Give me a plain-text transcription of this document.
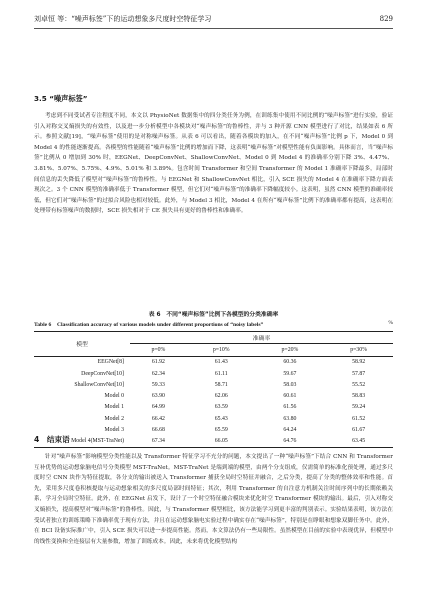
刘卓恒 等：“噪声标签”下的运动想象多尺度时空特征学习	829
3.5 “噪声标签”
考虑到不同受试者专注程度不同，本文以 PhysioNet 数据集中的四分类任务为例，在训练集中使用不同比例的“噪声标签”进行实验，验证引入对称交叉熵损失的有效性，以及进一步分析模型中各模块对“噪声标签”的鲁棒性，并与 3 种开源 CNN 模型进行了对比，结果如表 6 所示。参照文献[19]，“噪声标签”使用的是对称噪声标签。从表 6 可以看出，随着各模块的加入，在不同“噪声标签”比例 p 下，Model 0 到 Model 4 的性能逐渐提高。各模型的性能随着“噪声标签”比例的增加而下降，这表明“噪声标签”对模型性能有负面影响。具体而言，当“噪声标签”比例从 0 增加到 30% 时，EEGNet、DeepConvNet、ShallowConvNet、Model 0 到 Model 4 的准确率分别下降 3%、4.47%、3.81%、5.07%、5.75%、4.9%、5.01% 和 3.89%。包含时间 Transformer 和空间 Transformer 的 Model 1 准确率下降最多，局部时间信息的丢失降低了模型对“噪声标签”的鲁棒性。与 EEGNet 和 ShallowConvNet 相比，引入 SCE 损失的 Model 4 在准确率下降方面表现次之。3 个 CNN 模型的准确率低于 Transformer 模型，但它们对“噪声标签”的准确率下降幅度较小。这表明，虽然 CNN 模型的准确率较低，但它们对“噪声标签”的过拟合风险也相对较低。此外，与 Model 3 相比，Model 4 在所有“噪声标签”比例下的准确率都有提高，这表明在处理带有标签噪声的数据时，SCE 损失相对于 CE 损失具有更好的鲁棒性和准确率。
表 6　不同“噪声标签”比例下各模型的分类准确率
Table 6　Classification accuracy of various models under different proportions of “noisy labels”	%
模型	准确率			
	p=0%	p=10%	p=20%	p=30%
EEGNet[8]	61.92	61.43	60.36	58.92
DeepConvNet[10]	62.34	61.11	59.67	57.87
ShallowConvNet[10]	59.33	58.71	58.03	55.52
Model 0	63.90	62.06	60.61	58.83
Model 1	64.99	63.59	61.56	59.24
Model 2	66.42	65.43	63.80	61.52
Model 3	66.68	65.59	64.24	61.67
Model 4(MST-TraNet)	67.34	66.05	64.76	63.45
4　结束语
针对“噪声标签”影响模型分类性能以及 Transformer 特征学习不充分的问题，本文提出了一种“噪声标签”下结合 CNN 和 Transformer 互补优势的运动想象脑电信号分类模型 MST-TraNet。MST-TraNet 是端到端的模型，由两个分支组成，仅需简单的标准化预处理，通过多尺度时空 CNN 块作为特征提取，各分支的输出被送入 Transformer 捕获全局时空特征并融合，之后分类，提高了分类的整体效率和性能。首先，采用多尺度卷积核提取与运动想象相关的多尺度局部时间特征；其次，利用 Transformer 的自注意力机制关注时间序列中的长期依赖关系，学习全局时空特征。此外，在 EEGNet 启发下，设计了一个时空特征融合模块来优化时空 Transformer 模块的输出。最后，引入对称交叉熵损失，提高模型对“噪声标签”的鲁棒性。因此，与 Transformer 模型相比，该方法能学习到更丰富的判别表示。实验结果表明，该方法在受试者独立的训练策略下准确率优于现有方法，并且在运动想象脑电实验过程中确实存在“噪声标签”，特别是在睁眼和想象双脚任务中。此外，在 BCI 设备实际推广中，引入 SCE 损失可以进一步提高性能。然而，本文算法仍有一些局限性。虽然模型在目前的实验中表现优异，但模型中的线性变换和全连接层有大量参数，增加了训练成本。因此，未来将优化模型结构
